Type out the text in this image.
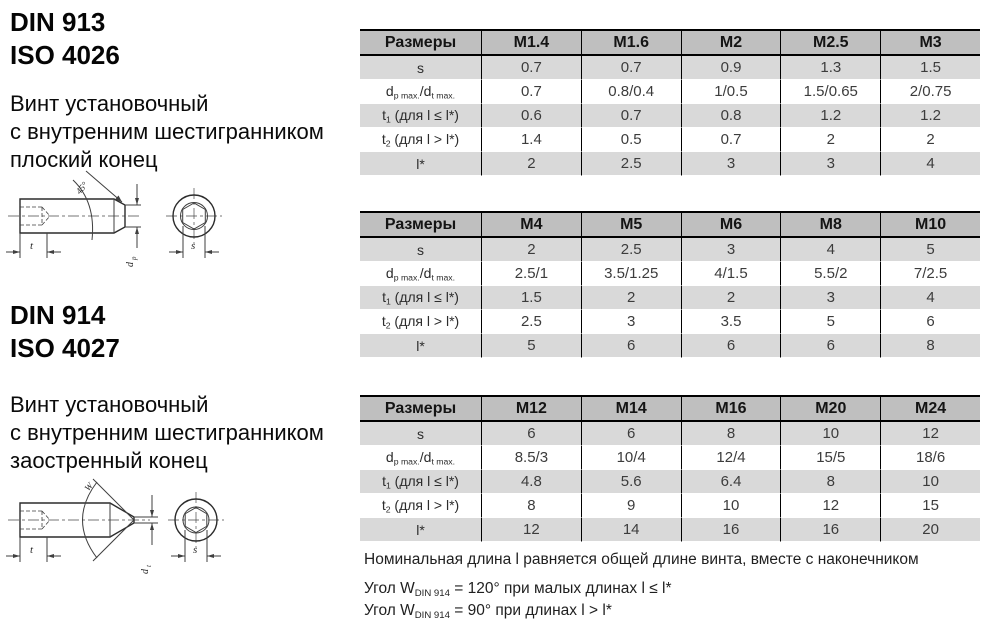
DIN 913
ISO 4026
Винт установочный
с внутренним шестигранником
плоский конец
45°
t
d
p
s
DIN 914
ISO 4027
Винт установочный
с внутренним шестигранником
заостренный конец
W
t
d
t
s
Размеры	M1.4	M1.6	M2	M2.5	M3
s	0.7	0.7	0.9	1.3	1.5
$d_{p max.}/d_{t max.}$	0.7	0.8/0.4	1/0.5	1.5/0.65	2/0.75
$t_1$ (для l ≤ l*)	0.6	0.7	0.8	1.2	1.2
$t_2$ (для l > l*)	1.4	0.5	0.7	2	2
l*	2	2.5	3	3	4
Размеры	M4	M5	M6	M8	M10
s	2	2.5	3	4	5
$d_{p max.}/d_{t max.}$	2.5/1	3.5/1.25	4/1.5	5.5/2	7/2.5
$t_1$ (для l ≤ l*)	1.5	2	2	3	4
$t_2$ (для l > l*)	2.5	3	3.5	5	6
l*	5	6	6	6	8
Размеры	M12	M14	M16	M20	M24
s	6	6	8	10	12
$d_{p max.}/d_{t max.}$	8.5/3	10/4	12/4	15/5	18/6
$t_1$ (для l ≤ l*)	4.8	5.6	6.4	8	10
$t_2$ (для l > l*)	8	9	10	12	15
l*	12	14	16	16	20
Номинальная длина l равняется общей длине винта, вместе с наконечником
Угол $W_{DIN 914} = 120^\circ$ при малых длинах l ≤ l*
Угол $W_{DIN 914} = 90^\circ$ при длинах l > l*
